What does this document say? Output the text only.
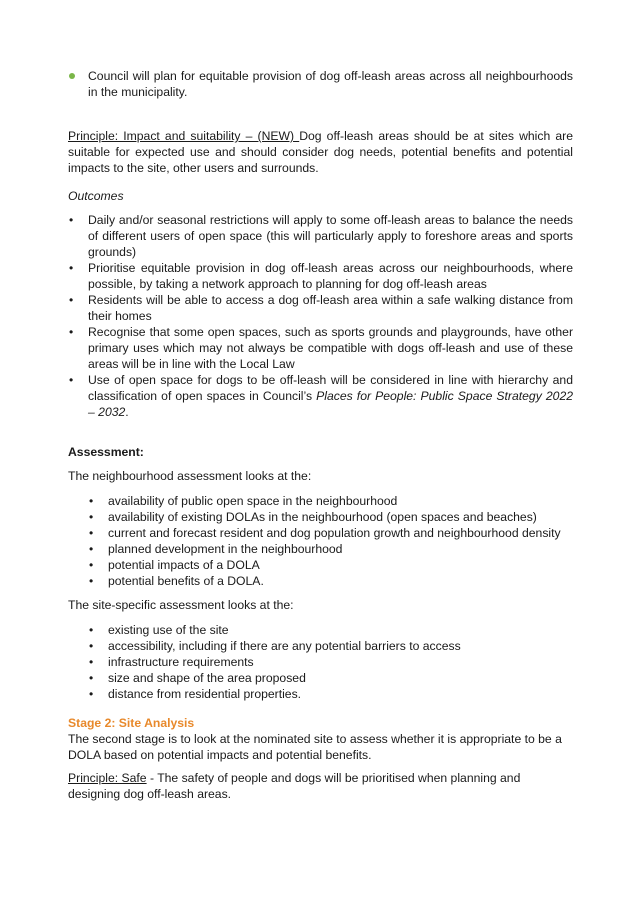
Council will plan for equitable provision of dog off-leash areas across all neighbourhoods in the municipality.
Principle: Impact and suitability – (NEW) Dog off-leash areas should be at sites which are suitable for expected use and should consider dog needs, potential benefits and potential impacts to the site, other users and surrounds.
Outcomes
• Daily and/or seasonal restrictions will apply to some off-leash areas to balance the needs of different users of open space (this will particularly apply to foreshore areas and sports grounds)
• Prioritise equitable provision in dog off-leash areas across our neighbourhoods, where possible, by taking a network approach to planning for dog off-leash areas
• Residents will be able to access a dog off-leash area within a safe walking distance from their homes
• Recognise that some open spaces, such as sports grounds and playgrounds, have other primary uses which may not always be compatible with dogs off-leash and use of these areas will be in line with the Local Law
• Use of open space for dogs to be off-leash will be considered in line with hierarchy and classification of open spaces in Council’s Places for People: Public Space Strategy 2022 – 2032.
Assessment:
The neighbourhood assessment looks at the:
• availability of public open space in the neighbourhood
• availability of existing DOLAs in the neighbourhood (open spaces and beaches)
• current and forecast resident and dog population growth and neighbourhood density
• planned development in the neighbourhood
• potential impacts of a DOLA
• potential benefits of a DOLA.
The site-specific assessment looks at the:
• existing use of the site
• accessibility, including if there are any potential barriers to access
• infrastructure requirements
• size and shape of the area proposed
• distance from residential properties.
Stage 2: Site Analysis
The second stage is to look at the nominated site to assess whether it is appropriate to be a DOLA based on potential impacts and potential benefits.
Principle: Safe - The safety of people and dogs will be prioritised when planning and designing dog off-leash areas.
